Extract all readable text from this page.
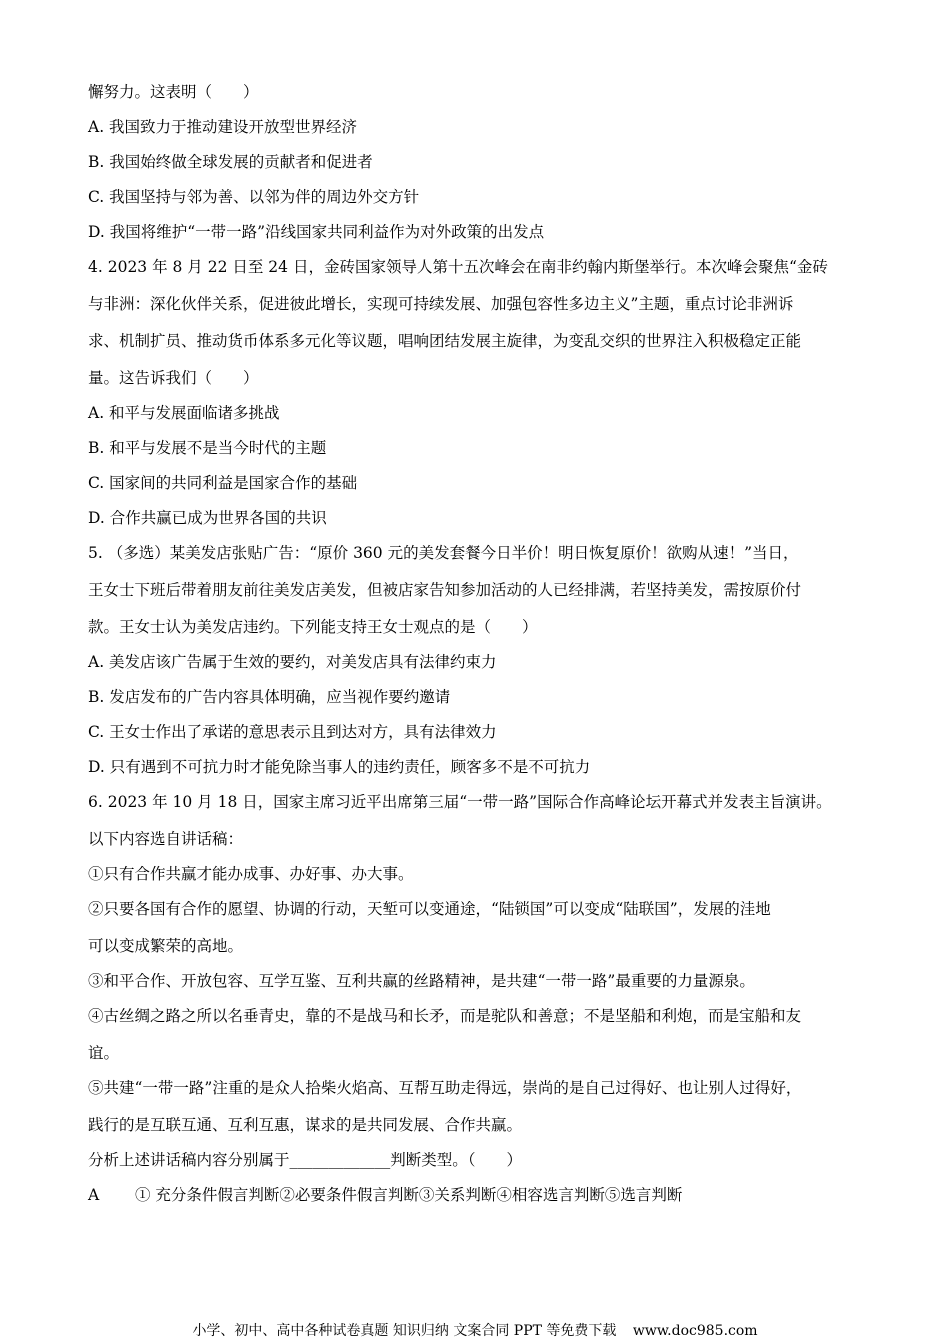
懈努力。这表明（　　）
A. 我国致力于推动建设开放型世界经济
B. 我国始终做全球发展的贡献者和促进者
C. 我国坚持与邻为善、以邻为伴的周边外交方针
D. 我国将维护“一带一路”沿线国家共同利益作为对外政策的出发点
4. 2023 年 8 月 22 日至 24 日，金砖国家领导人第十五次峰会在南非约翰内斯堡举行。本次峰会聚焦“金砖
与非洲：深化伙伴关系，促进彼此增长，实现可持续发展、加强包容性多边主义”主题，重点讨论非洲诉
求、机制扩员、推动货币体系多元化等议题，唱响团结发展主旋律，为变乱交织的世界注入积极稳定正能
量。这告诉我们（　　）
A. 和平与发展面临诸多挑战
B. 和平与发展不是当今时代的主题
C. 国家间的共同利益是国家合作的基础
D. 合作共赢已成为世界各国的共识
5. （多选）某美发店张贴广告：“原价 360 元的美发套餐今日半价！明日恢复原价！欲购从速！”当日，
王女士下班后带着朋友前往美发店美发，但被店家告知参加活动的人已经排满，若坚持美发，需按原价付
款。王女士认为美发店违约。下列能支持王女士观点的是（　　）
A. 美发店该广告属于生效的要约，对美发店具有法律约束力
B. 发店发布的广告内容具体明确，应当视作要约邀请
C. 王女士作出了承诺的意思表示且到达对方，具有法律效力
D. 只有遇到不可抗力时才能免除当事人的违约责任，顾客多不是不可抗力
6. 2023 年 10 月 18 日，国家主席习近平出席第三届“一带一路”国际合作高峰论坛开幕式并发表主旨演讲。
以下内容选自讲话稿：
①只有合作共赢才能办成事、办好事、办大事。
②只要各国有合作的愿望、协调的行动，天堑可以变通途，“陆锁国”可以变成“陆联国”，发展的洼地
可以变成繁荣的高地。
③和平合作、开放包容、互学互鉴、互利共赢的丝路精神，是共建“一带一路”最重要的力量源泉。
④古丝绸之路之所以名垂青史，靠的不是战马和长矛，而是驼队和善意；不是坚船和利炮，而是宝船和友
谊。
⑤共建“一带一路”注重的是众人拾柴火焰高、互帮互助走得远，崇尚的是自己过得好、也让别人过得好，
践行的是互联互通、互利互惠，谋求的是共同发展、合作共赢。
分析上述讲话稿内容分别属于_____________判断类型。（　　）
A ① 充分条件假言判断②必要条件假言判断③关系判断④相容选言判断⑤选言判断
小学、初中、高中各种试卷真题 知识归纳 文案合同 PPT 等免费下载 www.doc985.com
